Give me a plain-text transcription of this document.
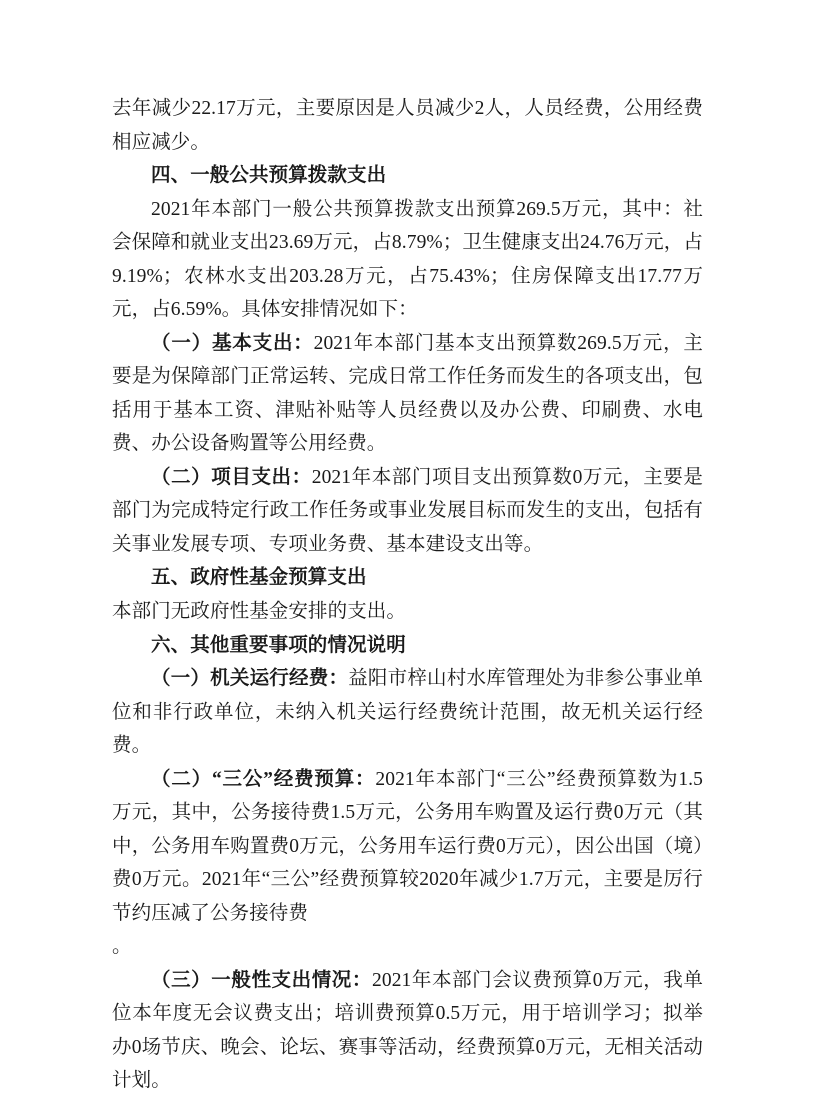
去年减少22.17万元，主要原因是人员减少2人，人员经费，公用经费相应减少。

四、一般公共预算拨款支出

2021年本部门一般公共预算拨款支出预算269.5万元，其中：社会保障和就业支出23.69万元，占8.79%；卫生健康支出24.76万元，占9.19%；农林水支出203.28万元，占75.43%；住房保障支出17.77万元，占6.59%。具体安排情况如下：

（一）基本支出：2021年本部门基本支出预算数269.5万元，主要是为保障部门正常运转、完成日常工作任务而发生的各项支出，包括用于基本工资、津贴补贴等人员经费以及办公费、印刷费、水电费、办公设备购置等公用经费。

（二）项目支出：2021年本部门项目支出预算数0万元，主要是部门为完成特定行政工作任务或事业发展目标而发生的支出，包括有关事业发展专项、专项业务费、基本建设支出等。

五、政府性基金预算支出

本部门无政府性基金安排的支出。

六、其他重要事项的情况说明

（一）机关运行经费：益阳市梓山村水库管理处为非参公事业单位和非行政单位，未纳入机关运行经费统计范围，故无机关运行经费。

（二）“三公”经费预算：2021年本部门“三公”经费预算数为1.5万元，其中，公务接待费1.5万元，公务用车购置及运行费0万元（其中，公务用车购置费0万元，公务用车运行费0万元），因公出国（境）费0万元。2021年“三公”经费预算较2020年减少1.7万元，主要是厉行节约压减了公务接待费

。

（三）一般性支出情况：2021年本部门会议费预算0万元，我单位本年度无会议费支出；培训费预算0.5万元，用于培训学习；拟举办0场节庆、晚会、论坛、赛事等活动，经费预算0万元，无相关活动计划。
